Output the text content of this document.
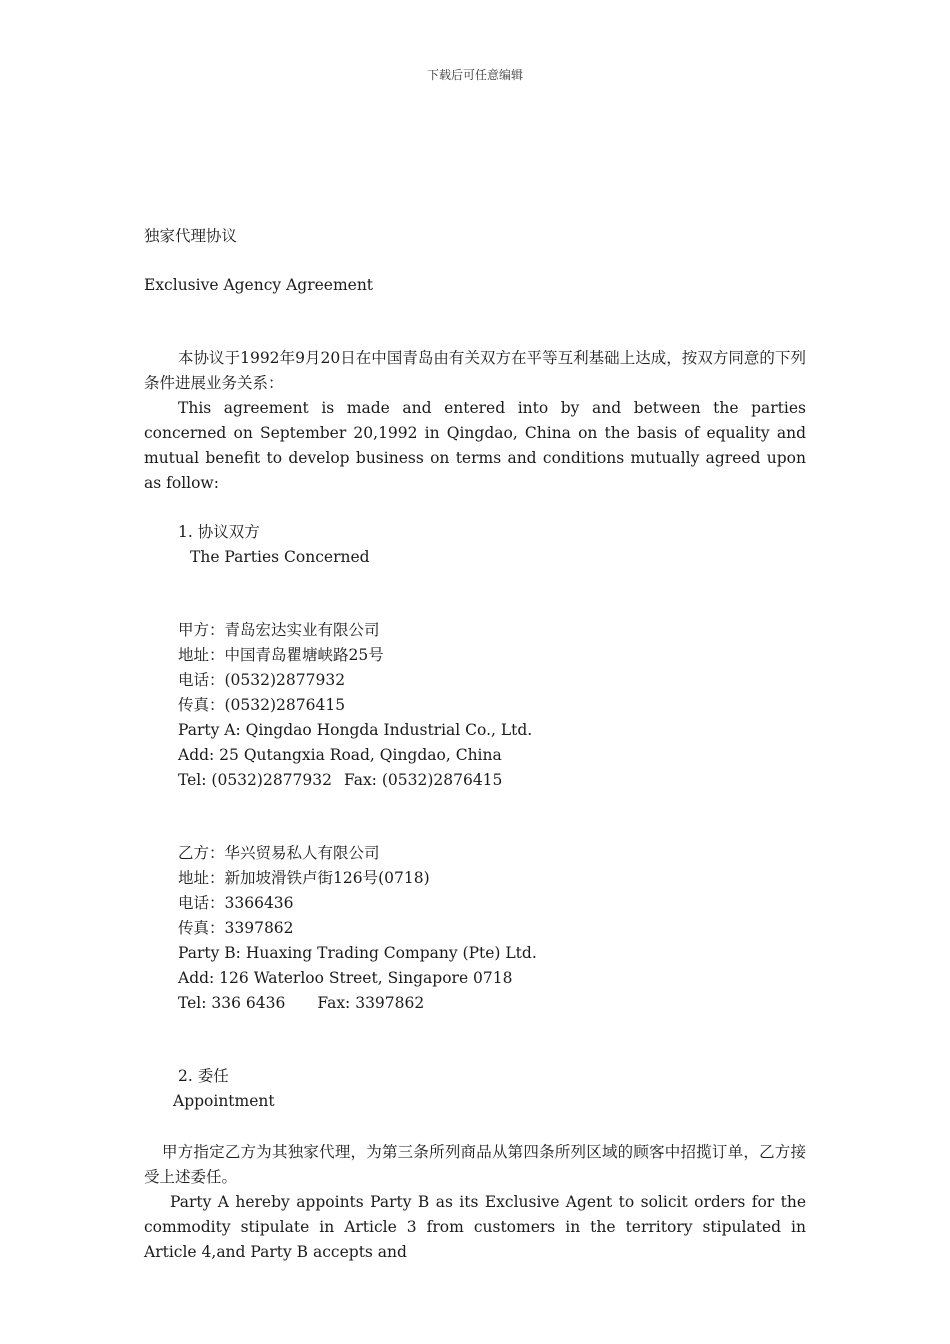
下载后可任意编辑

独家代理协议

Exclusive Agency Agreement

本协议于1992年9月20日在中国青岛由有关双方在平等互利基础上达成，按双方同意的下列条件进展业务关系：

This agreement is made and entered into by and between the parties concerned on September 20,1992 in Qingdao, China on the basis of equality and mutual benefit to develop business on terms and conditions mutually agreed upon as follow:

1. 协议双方

The Parties Concerned

甲方：青岛宏达实业有限公司

地址：中国青岛瞿塘峡路25号

电话：(0532)2877932

传真：(0532)2876415

Party A: Qingdao Hongda Industrial Co., Ltd.

Add: 25 Qutangxia Road, Qingdao, China

Tel: (0532)2877932 Fax: (0532)2876415

乙方：华兴贸易私人有限公司

地址：新加坡滑铁卢街126号(0718)

电话：3366436

传真：3397862

Party B: Huaxing Trading Company (Pte) Ltd.

Add: 126 Waterloo Street, Singapore 0718

Tel: 336 6436 Fax: 3397862

2. 委任

Appointment

甲方指定乙方为其独家代理，为第三条所列商品从第四条所列区域的顾客中招揽订单，乙方接受上述委任。

Party A hereby appoints Party B as its Exclusive Agent to solicit orders for the commodity stipulate in Article 3 from customers in the territory stipulated in Article 4,and Party B accepts and
